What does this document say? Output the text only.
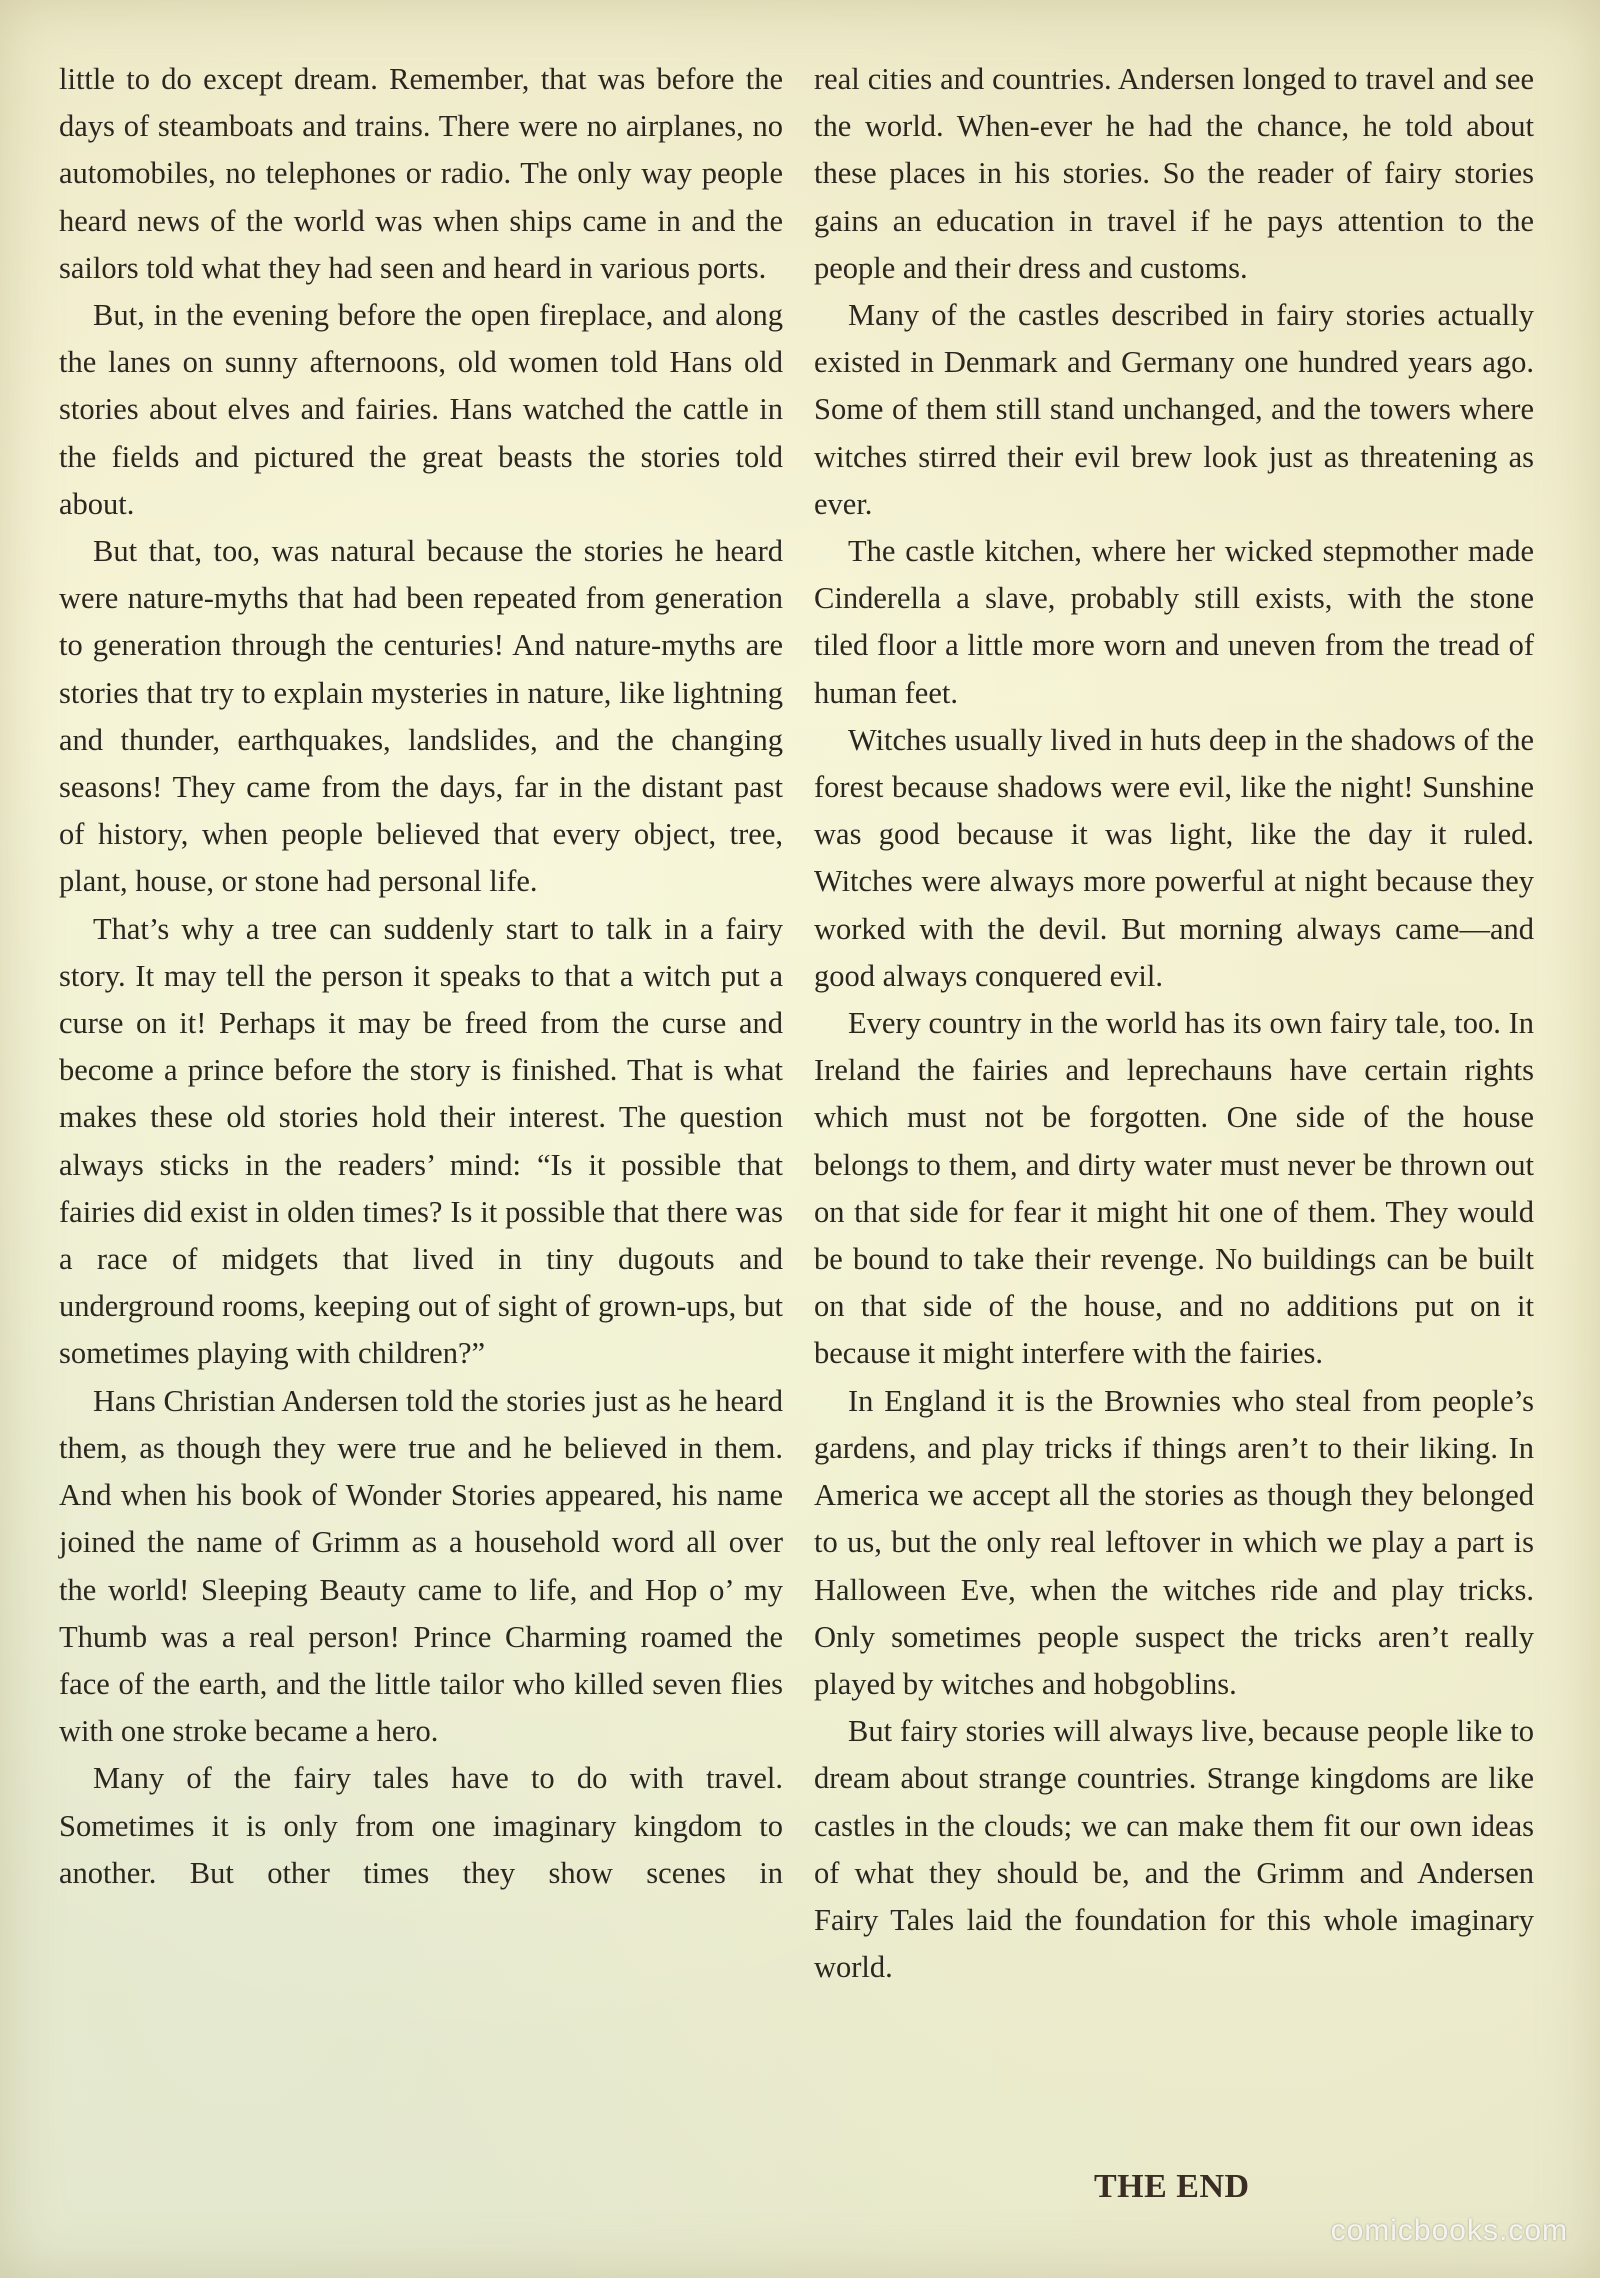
little to do except dream. Remember, that was before the days of steamboats and trains. There were no airplanes, no automobiles, no telephones or radio. The only way people heard news of the world was when ships came in and the sailors told what they had seen and heard in various ports.

But, in the evening before the open fireplace, and along the lanes on sunny afternoons, old women told Hans old stories about elves and fairies. Hans watched the cattle in the fields and pictured the great beasts the stories told about.

But that, too, was natural because the stories he heard were nature-myths that had been repeated from generation to generation through the centuries! And nature-myths are stories that try to explain mysteries in nature, like lightning and thunder, earthquakes, landslides, and the changing seasons! They came from the days, far in the distant past of history, when people believed that every object, tree, plant, house, or stone had personal life.

That’s why a tree can suddenly start to talk in a fairy story. It may tell the person it speaks to that a witch put a curse on it! Perhaps it may be freed from the curse and become a prince before the story is finished. That is what makes these old stories hold their interest. The question always sticks in the readers’ mind: “Is it possible that fairies did exist in olden times? Is it possible that there was a race of midgets that lived in tiny dugouts and underground rooms, keeping out of sight of grown-ups, but sometimes playing with children?”

Hans Christian Andersen told the stories just as he heard them, as though they were true and he believed in them. And when his book of Wonder Stories appeared, his name joined the name of Grimm as a household word all over the world! Sleeping Beauty came to life, and Hop o’ my Thumb was a real person! Prince Charming roamed the face of the earth, and the little tailor who killed seven flies with one stroke became a hero.

Many of the fairy tales have to do with travel. Sometimes it is only from one imaginary kingdom to another. But other times they show scenes in

real cities and countries. Andersen longed to travel and see the world. When-ever he had the chance, he told about these places in his stories. So the reader of fairy stories gains an education in travel if he pays attention to the people and their dress and customs.

Many of the castles described in fairy stories actually existed in Denmark and Germany one hundred years ago. Some of them still stand unchanged, and the towers where witches stirred their evil brew look just as threatening as ever.

The castle kitchen, where her wicked stepmother made Cinderella a slave, probably still exists, with the stone tiled floor a little more worn and uneven from the tread of human feet.

Witches usually lived in huts deep in the shadows of the forest because shadows were evil, like the night! Sunshine was good because it was light, like the day it ruled. Witches were always more powerful at night because they worked with the devil. But morning always came—and good always conquered evil.

Every country in the world has its own fairy tale, too. In Ireland the fairies and leprechauns have certain rights which must not be forgotten. One side of the house belongs to them, and dirty water must never be thrown out on that side for fear it might hit one of them. They would be bound to take their revenge. No buildings can be built on that side of the house, and no additions put on it because it might interfere with the fairies.

In England it is the Brownies who steal from people’s gardens, and play tricks if things aren’t to their liking. In America we accept all the stories as though they belonged to us, but the only real leftover in which we play a part is Halloween Eve, when the witches ride and play tricks. Only sometimes people suspect the tricks aren’t really played by witches and hobgoblins.

But fairy stories will always live, because people like to dream about strange countries. Strange kingdoms are like castles in the clouds; we can make them fit our own ideas of what they should be, and the Grimm and Andersen Fairy Tales laid the foundation for this whole imaginary world.

THE END
comicbooks.com
